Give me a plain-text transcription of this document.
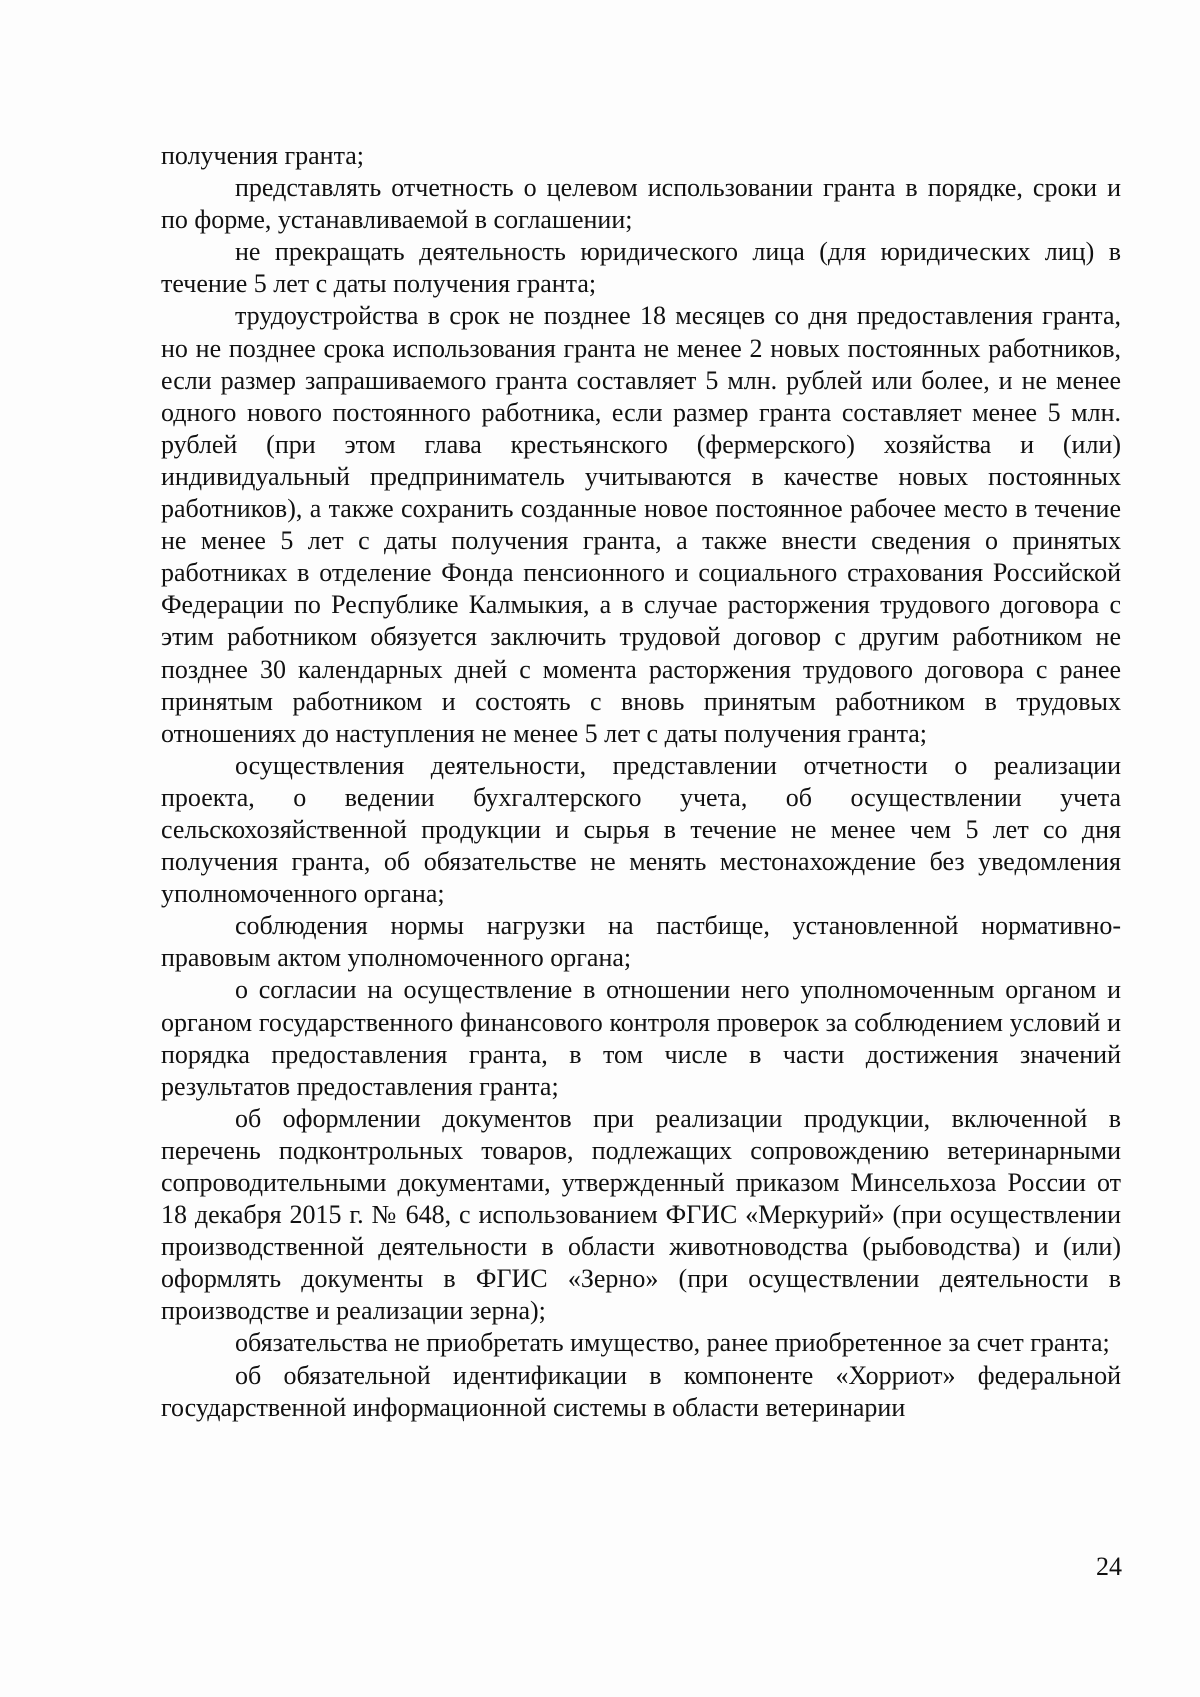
получения гранта;

представлять отчетность о целевом использовании гранта в порядке, сроки и по форме, устанавливаемой в соглашении;

не прекращать деятельность юридического лица (для юридических лиц) в течение 5 лет с даты получения гранта;

трудоустройства в срок не позднее 18 месяцев со дня предоставления гранта, но не позднее срока использования гранта не менее 2 новых постоянных работников, если размер запрашиваемого гранта составляет 5 млн. рублей или более, и не менее одного нового постоянного работника, если размер гранта составляет менее 5 млн. рублей (при этом глава крестьянского (фермерского) хозяйства и (или) индивидуальный предприниматель учитываются в качестве новых постоянных работников), а также сохранить созданные новое постоянное рабочее место в течение не менее 5 лет с даты получения гранта, а также внести сведения о принятых работниках в отделение Фонда пенсионного и социального страхования Российской Федерации по Республике Калмыкия, а в случае расторжения трудового договора с этим работником обязуется заключить трудовой договор с другим работником не позднее 30 календарных дней с момента расторжения трудового договора с ранее принятым работником и состоять с вновь принятым работником в трудовых отношениях до наступления не менее 5 лет с даты получения гранта;

осуществления деятельности, представлении отчетности о реализации проекта, о ведении бухгалтерского учета, об осуществлении учета сельскохозяйственной продукции и сырья в течение не менее чем 5 лет со дня получения гранта, об обязательстве не менять местонахождение без уведомления уполномоченного органа;

соблюдения нормы нагрузки на пастбище, установленной нормативно-правовым актом уполномоченного органа;

о согласии на осуществление в отношении него уполномоченным органом и органом государственного финансового контроля проверок за соблюдением условий и порядка предоставления гранта, в том числе в части достижения значений результатов предоставления гранта;

об оформлении документов при реализации продукции, включенной в перечень подконтрольных товаров, подлежащих сопровождению ветеринарными сопроводительными документами, утвержденный приказом Минсельхоза России от 18 декабря 2015 г. № 648, с использованием ФГИС «Меркурий» (при осуществлении производственной деятельности в области животноводства (рыбоводства) и (или) оформлять документы в ФГИС «Зерно» (при осуществлении деятельности в производстве и реализации зерна);

обязательства не приобретать имущество, ранее приобретенное за счет гранта;

об обязательной идентификации в компоненте «Хорриот» федеральной государственной информационной системы в области ветеринарии

24
